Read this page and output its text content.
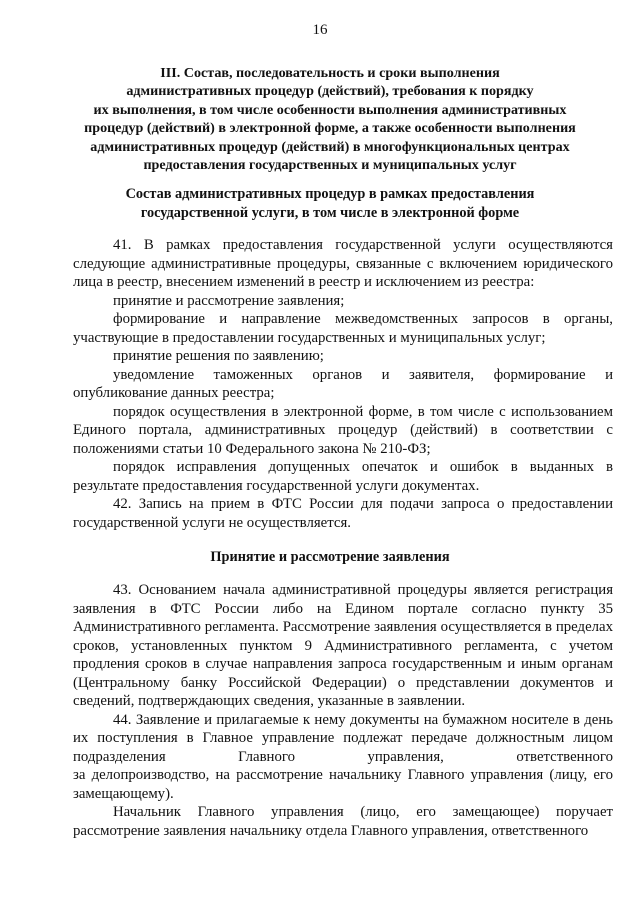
16
III. Состав, последовательность и сроки выполнения
административных процедур (действий), требования к порядку
их выполнения, в том числе особенности выполнения административных
процедур (действий) в электронной форме, а также особенности выполнения
административных процедур (действий) в многофункциональных центрах
предоставления государственных и муниципальных услуг
Состав административных процедур в рамках предоставления
государственной услуги, в том числе в электронной форме

41. В рамках предоставления государственной услуги осуществляются следующие административные процедуры, связанные с включением юридического лица в реестр, внесением изменений в реестр и исключением из реестра:

принятие и рассмотрение заявления;

формирование и направление межведомственных запросов в органы, участвующие в предоставлении государственных и муниципальных услуг;

принятие решения по заявлению;

уведомление таможенных органов и заявителя, формирование и опубликование данных реестра;

порядок осуществления в электронной форме, в том числе с использованием Единого портала, административных процедур (действий) в соответствии с положениями статьи 10 Федерального закона № 210-ФЗ;

порядок исправления допущенных опечаток и ошибок в выданных в результате предоставления государственной услуги документах.

42. Запись на прием в ФТС России для подачи запроса о предоставлении государственной услуги не осуществляется.

Принятие и рассмотрение заявления

43. Основанием начала административной процедуры является регистрация заявления в ФТС России либо на Едином портале согласно пункту 35 Административного регламента. Рассмотрение заявления осуществляется в пределах сроков, установленных пунктом 9 Административного регламента, с учетом продления сроков в случае направления запроса государственным и иным органам (Центральному банку Российской Федерации) о представлении документов и сведений, подтверждающих сведения, указанные в заявлении.

44. Заявление и прилагаемые к нему документы на бумажном носителе в день их поступления в Главное управление подлежат передаче должностным лицом подразделения Главного управления, ответственного

за делопроизводство, на рассмотрение начальнику Главного управления (лицу, его замещающему).

Начальник Главного управления (лицо, его замещающее) поручает рассмотрение заявления начальнику отдела Главного управления, ответственного
